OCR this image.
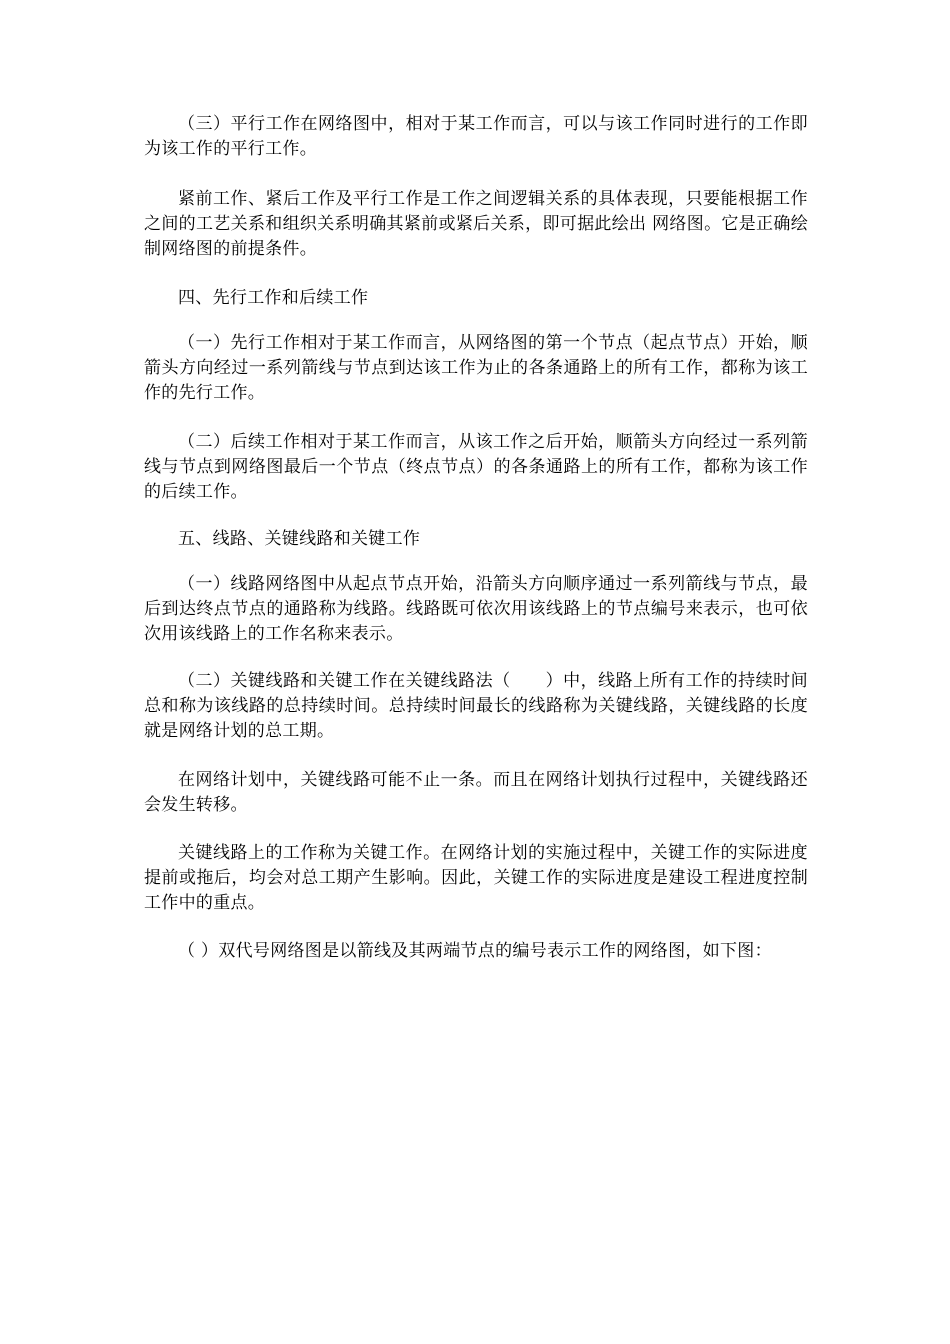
（三）平行工作在网络图中，相对于某工作而言，可以与该工作同时进行的工作即为该工作的平行工作。

紧前工作、紧后工作及平行工作是工作之间逻辑关系的具体表现，只要能根据工作之间的工艺关系和组织关系明确其紧前或紧后关系，即可据此绘出 网络图。它是正确绘制网络图的前提条件。

四、先行工作和后续工作

（一）先行工作相对于某工作而言，从网络图的第一个节点（起点节点）开始，顺箭头方向经过一系列箭线与节点到达该工作为止的各条通路上的所有工作，都称为该工作的先行工作。

（二）后续工作相对于某工作而言，从该工作之后开始，顺箭头方向经过一系列箭线与节点到网络图最后一个节点（终点节点）的各条通路上的所有工作，都称为该工作的后续工作。

五、线路、关键线路和关键工作

（一）线路网络图中从起点节点开始，沿箭头方向顺序通过一系列箭线与节点，最后到达终点节点的通路称为线路。线路既可依次用该线路上的节点编号来表示，也可依次用该线路上的工作名称来表示。

（二）关键线路和关键工作在关键线路法（　　）中，线路上所有工作的持续时间总和称为该线路的总持续时间。总持续时间最长的线路称为关键线路，关键线路的长度就是网络计划的总工期。

在网络计划中，关键线路可能不止一条。而且在网络计划执行过程中，关键线路还会发生转移。

关键线路上的工作称为关键工作。在网络计划的实施过程中，关键工作的实际进度提前或拖后，均会对总工期产生影响。因此，关键工作的实际进度是建设工程进度控制工作中的重点。

（ ）双代号网络图是以箭线及其两端节点的编号表示工作的网络图，如下图：
